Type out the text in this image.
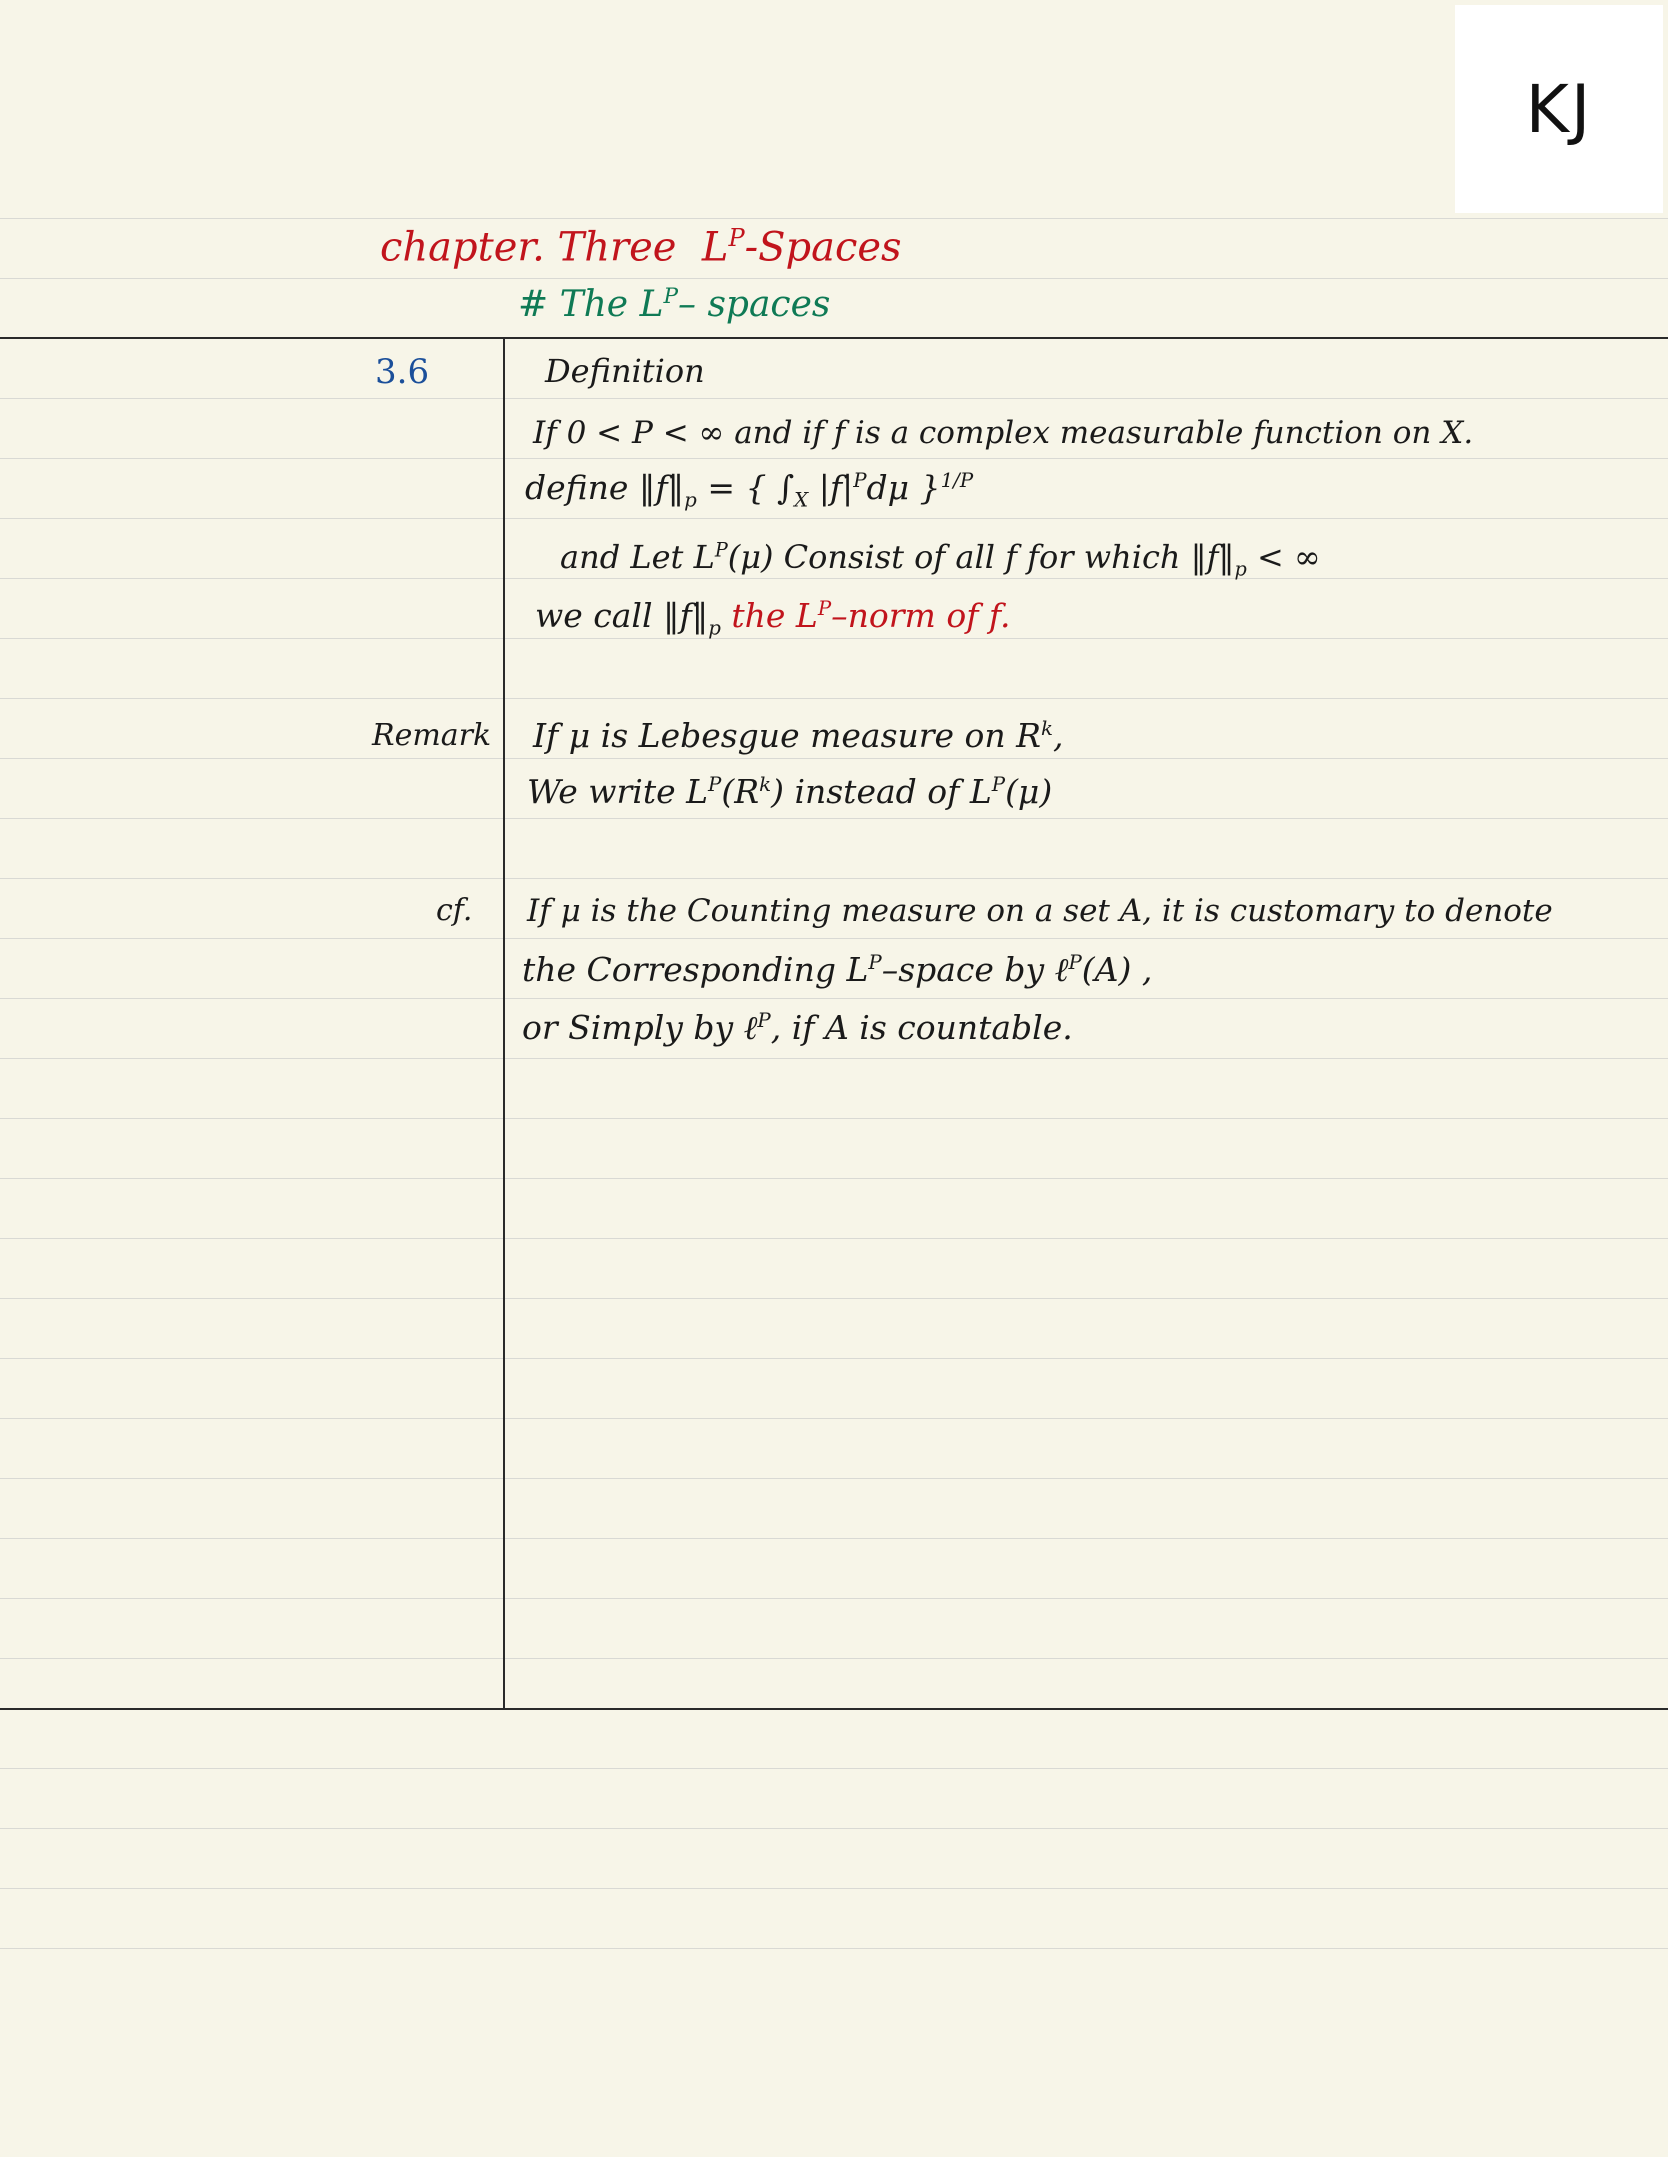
KJ
chapter. Three $L^P$-Spaces
# The $L^P-$ spaces
3.6	Definition
If 0 < P < ∞ and if f is a complex measurable function on X.
define $‖f‖_p$ = { $\int_X$ $|f|^Pd\mu$ }$^{1/P}$
and Let $L^P(\mu)$ Consist of all f for which $‖f‖_p$ < ∞
we call $‖f‖_p$ the $L^P$–norm of f.
Remark If μ is Lebesgue measure on $R^k$,
We write $L^P(R^k)$ instead of $L^P(\mu)$
cf. If μ is the Counting measure on a set A, it is customary to denote
the Corresponding $L^P$–space by ℓ$^P$(A) ,
or Simply by ℓ$^P$, if A is countable.
